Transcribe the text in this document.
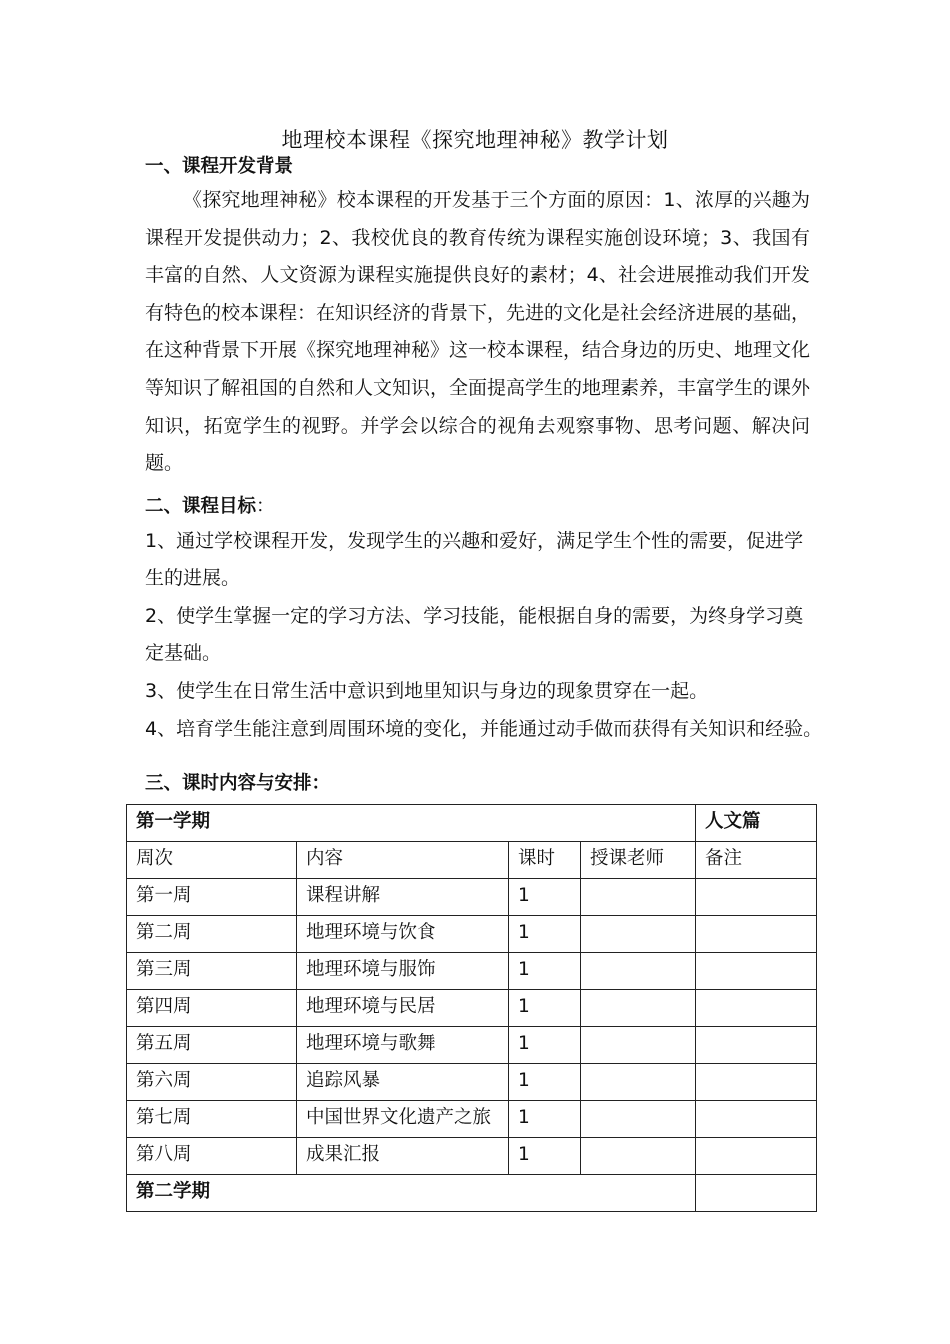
地理校本课程《探究地理神秘》教学计划
一、课程开发背景

《探究地理神秘》校本课程的开发基于三个方面的原因：1、浓厚的兴趣为课程开发提供动力；2、我校优良的教育传统为课程实施创设环境；3、我国有丰富的自然、人文资源为课程实施提供良好的素材；4、社会进展推动我们开发有特色的校本课程：在知识经济的背景下，先进的文化是社会经济进展的基础，在这种背景下开展《探究地理神秘》这一校本课程，结合身边的历史、地理文化等知识了解祖国的自然和人文知识，全面提高学生的地理素养，丰富学生的课外知识，拓宽学生的视野。并学会以综合的视角去观察事物、思考问题、解决问题。

二、课程目标：

1、通过学校课程开发，发现学生的兴趣和爱好，满足学生个性的需要，促进学生的进展。

2、使学生掌握一定的学习方法、学习技能，能根据自身的需要，为终身学习奠定基础。

3、使学生在日常生活中意识到地里知识与身边的现象贯穿在一起。

4、培育学生能注意到周围环境的变化，并能通过动手做而获得有关知识和经验。

三、课时内容与安排：
第一学期				人文篇
周次	内容	课时	授课老师	备注
第一周	课程讲解	1		
第二周	地理环境与饮食	1		
第三周	地理环境与服饰	1		
第四周	地理环境与民居	1		
第五周	地理环境与歌舞	1		
第六周	追踪风暴	1		
第七周	中国世界文化遗产之旅	1		
第八周	成果汇报	1		
第二学期				
